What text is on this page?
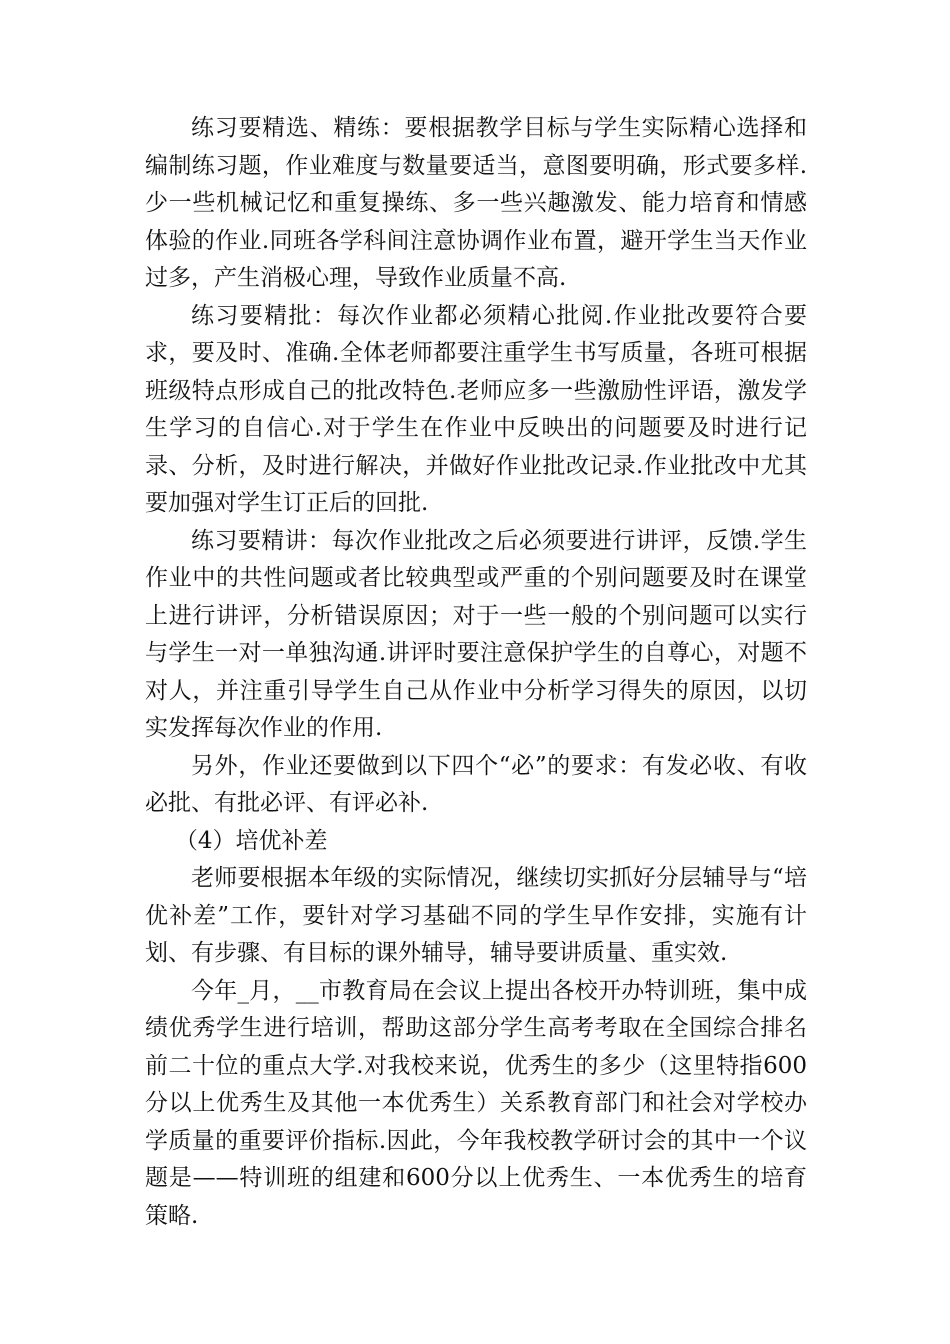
练习要精选、精练：要根据教学目标与学生实际精心选择和编制练习题，作业难度与数量要适当，意图要明确，形式要多样.少一些机械记忆和重复操练、多一些兴趣激发、能力培育和情感体验的作业.同班各学科间注意协调作业布置，避开学生当天作业过多，产生消极心理，导致作业质量不高.

练习要精批：每次作业都必须精心批阅.作业批改要符合要求，要及时、准确.全体老师都要注重学生书写质量，各班可根据班级特点形成自己的批改特色.老师应多一些激励性评语，激发学生学习的自信心.对于学生在作业中反映出的问题要及时进行记录、分析，及时进行解决，并做好作业批改记录.作业批改中尤其要加强对学生订正后的回批.

练习要精讲：每次作业批改之后必须要进行讲评，反馈.学生作业中的共性问题或者比较典型或严重的个别问题要及时在课堂上进行讲评，分析错误原因；对于一些一般的个别问题可以实行与学生一对一单独沟通.讲评时要注意保护学生的自尊心，对题不对人，并注重引导学生自己从作业中分析学习得失的原因，以切实发挥每次作业的作用.

另外，作业还要做到以下四个“必”的要求：有发必收、有收必批、有批必评、有评必补.

（4）培优补差

老师要根据本年级的实际情况，继续切实抓好分层辅导与“培优补差”工作，要针对学习基础不同的学生早作安排，实施有计划、有步骤、有目标的课外辅导，辅导要讲质量、重实效.

今年_月，__市教育局在会议上提出各校开办特训班，集中成绩优秀学生进行培训，帮助这部分学生高考考取在全国综合排名前二十位的重点大学.对我校来说，优秀生的多少（这里特指600分以上优秀生及其他一本优秀生）关系教育部门和社会对学校办学质量的重要评价指标.因此，今年我校教学研讨会的其中一个议题是——特训班的组建和600分以上优秀生、一本优秀生的培育策略.
